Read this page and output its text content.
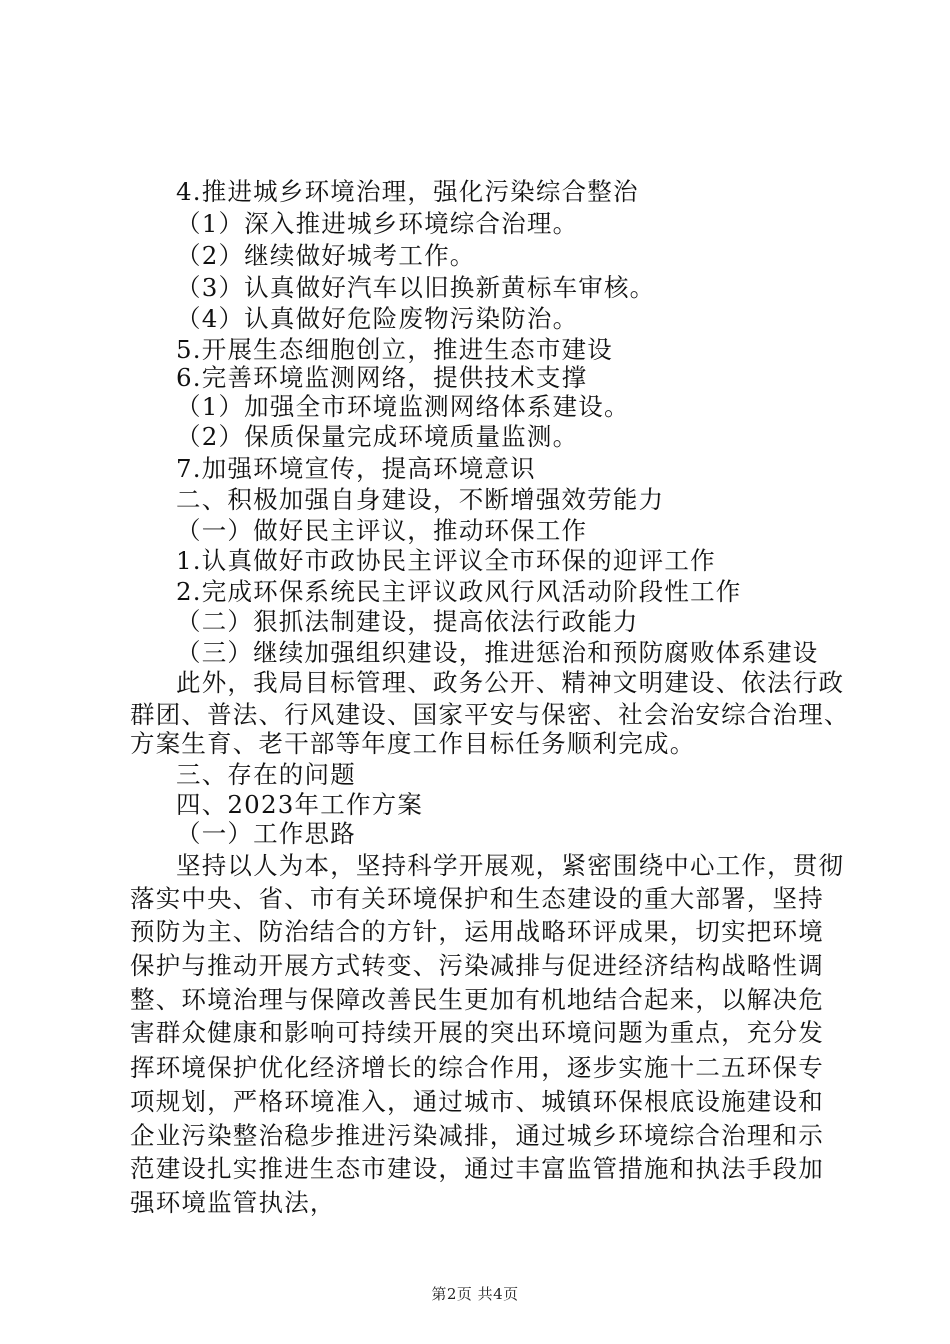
4.推进城乡环境治理，强化污染综合整治
（1）深入推进城乡环境综合治理。
（2）继续做好城考工作。
（3）认真做好汽车以旧换新黄标车审核。
（4）认真做好危险废物污染防治。
5.开展生态细胞创立，推进生态市建设
6.完善环境监测网络，提供技术支撑
（1）加强全市环境监测网络体系建设。
（2）保质保量完成环境质量监测。
7.加强环境宣传，提高环境意识
二、积极加强自身建设，不断增强效劳能力
（一）做好民主评议，推动环保工作
1.认真做好市政协民主评议全市环保的迎评工作
2.完成环保系统民主评议政风行风活动阶段性工作
（二）狠抓法制建设，提高依法行政能力
（三）继续加强组织建设，推进惩治和预防腐败体系建设
此外，我局目标管理、政务公开、精神文明建设、依法行政
群团、普法、行风建设、国家平安与保密、社会治安综合治理、
方案生育、老干部等年度工作目标任务顺利完成。
三、存在的问题
四、2023年工作方案
（一）工作思路
坚持以人为本，坚持科学开展观，紧密围绕中心工作，贯彻
落实中央、省、市有关环境保护和生态建设的重大部署，坚持
预防为主、防治结合的方针，运用战略环评成果，切实把环境
保护与推动开展方式转变、污染减排与促进经济结构战略性调
整、环境治理与保障改善民生更加有机地结合起来，以解决危
害群众健康和影响可持续开展的突出环境问题为重点，充分发
挥环境保护优化经济增长的综合作用，逐步实施十二五环保专
项规划，严格环境准入，通过城市、城镇环保根底设施建设和
企业污染整治稳步推进污染减排，通过城乡环境综合治理和示
范建设扎实推进生态市建设，通过丰富监管措施和执法手段加
强环境监管执法，
第2页 共4页
